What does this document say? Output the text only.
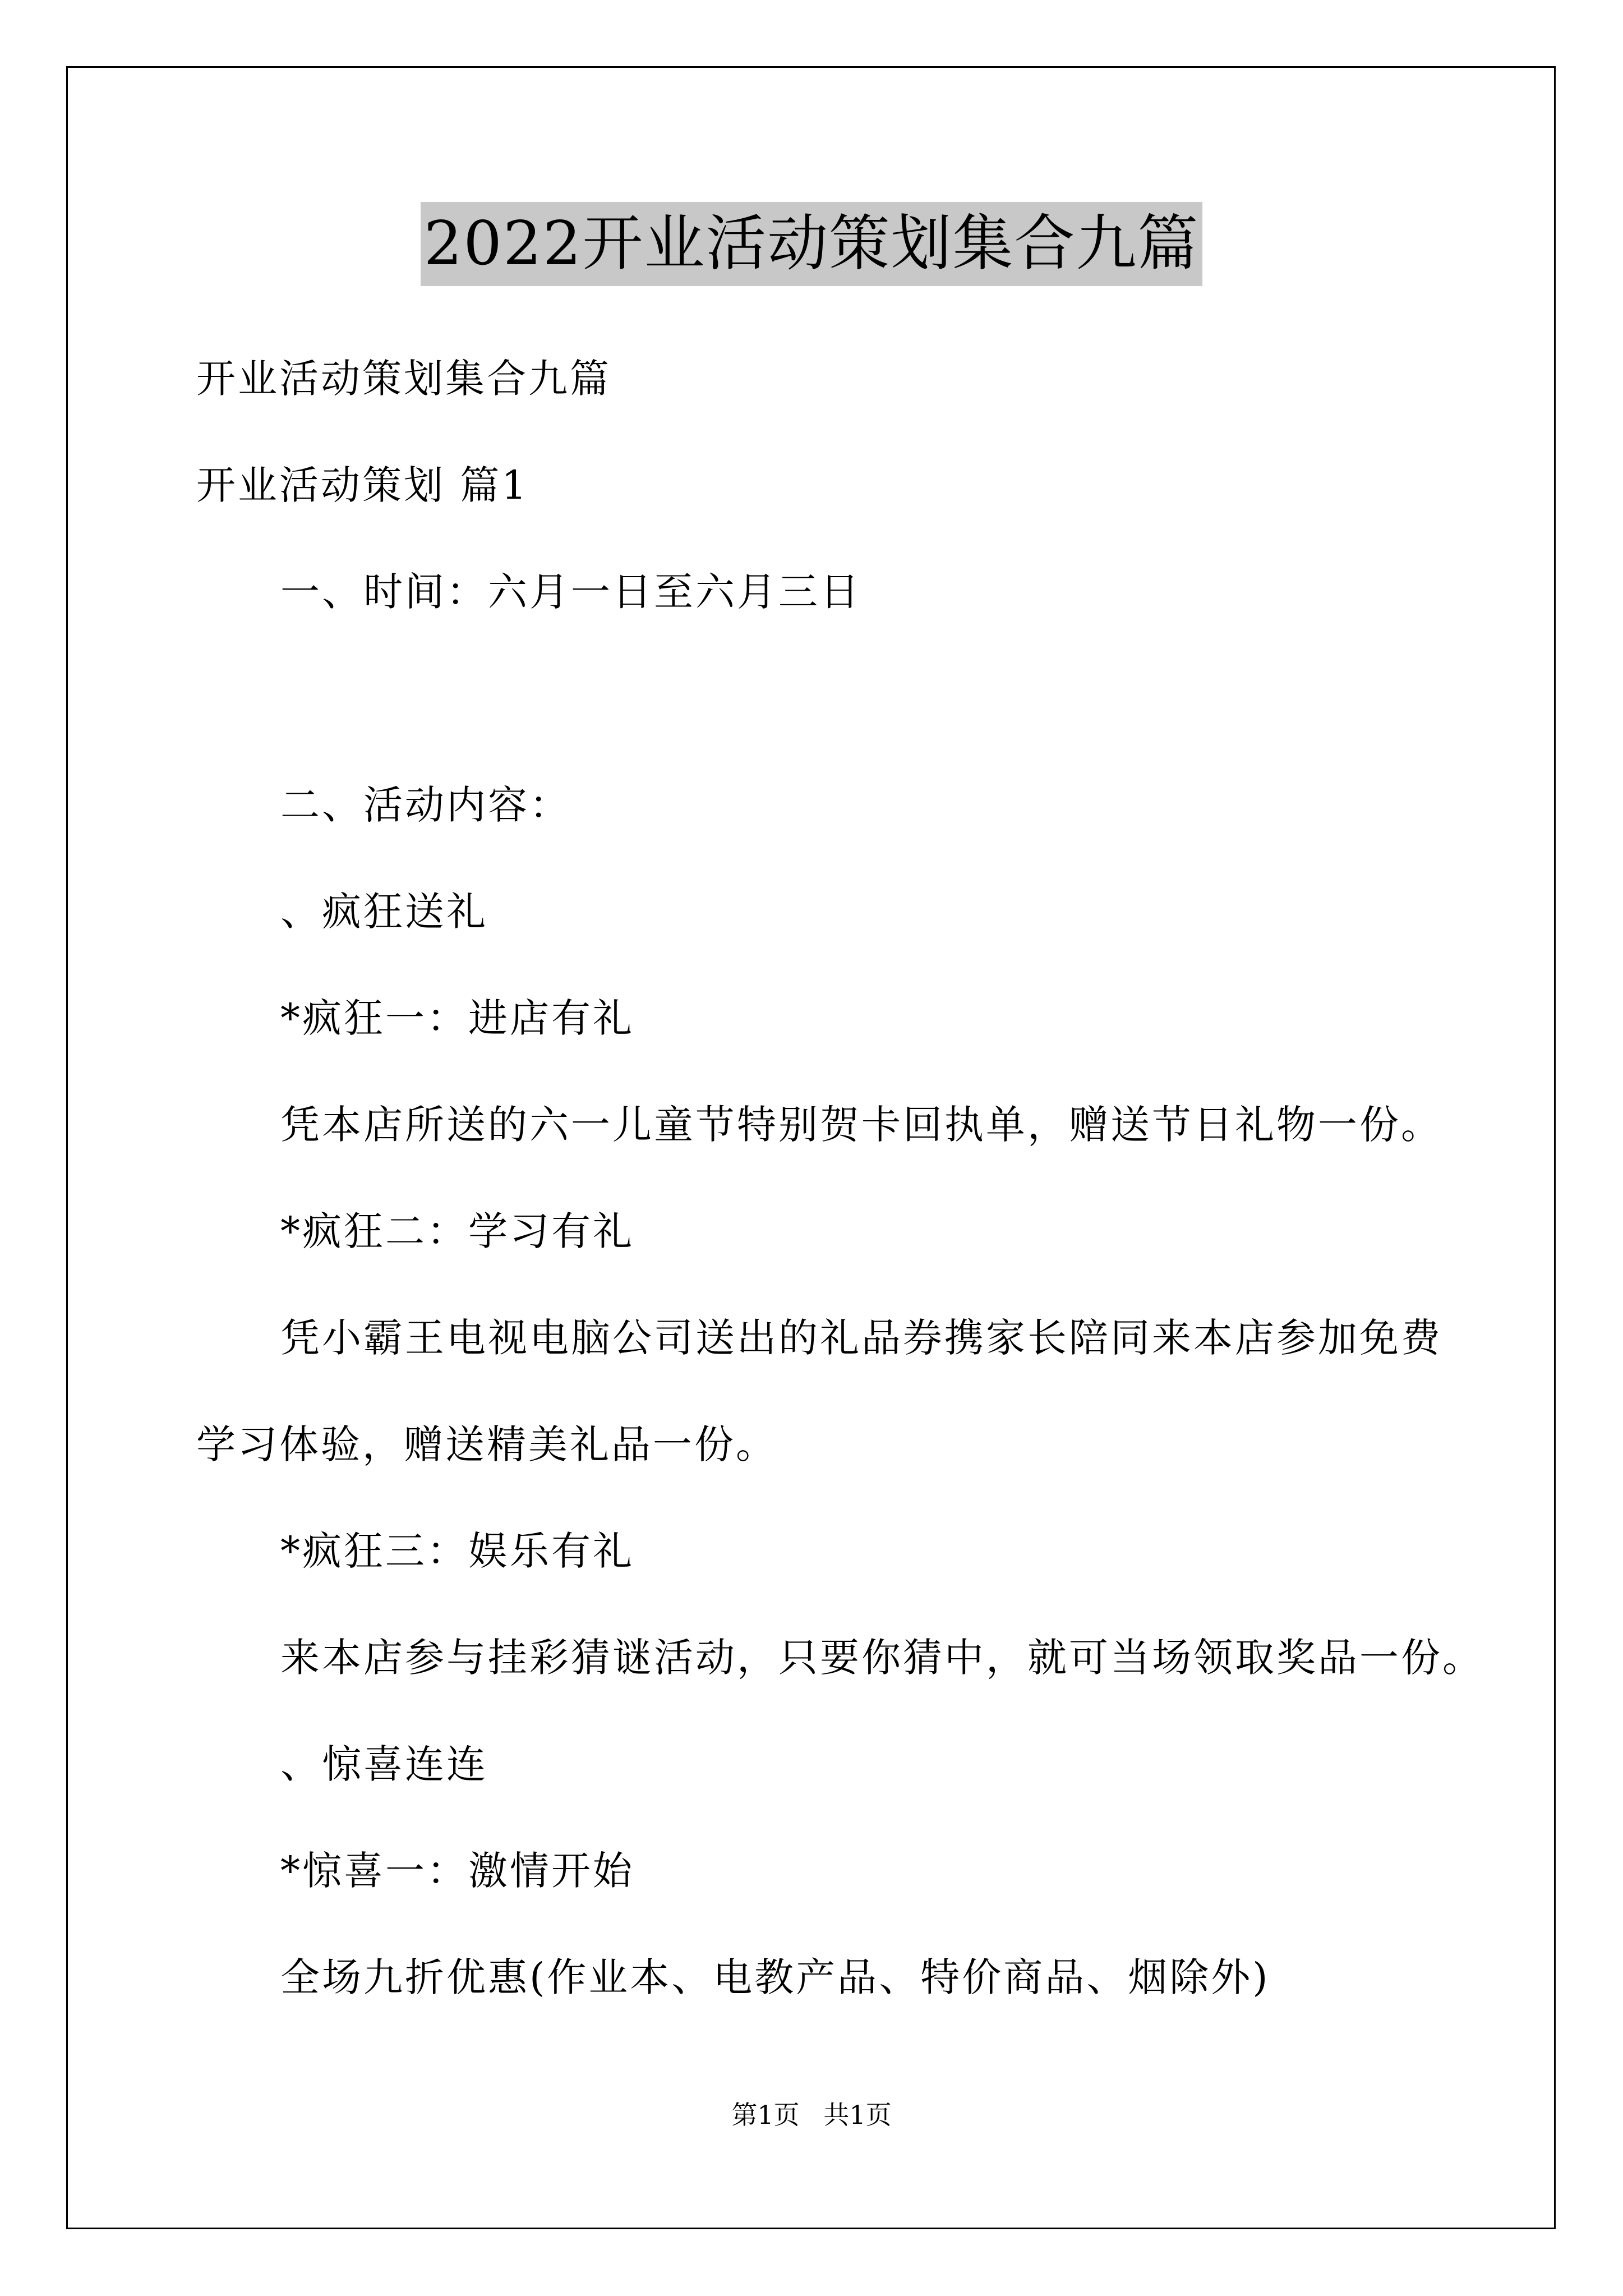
2022开业活动策划集合九篇
开业活动策划集合九篇
开业活动策划 篇1
一、时间：六月一日至六月三日
二、活动内容：
、疯狂送礼
*疯狂一：进店有礼
凭本店所送的六一儿童节特别贺卡回执单，赠送节日礼物一份。
*疯狂二：学习有礼
凭小霸王电视电脑公司送出的礼品券携家长陪同来本店参加免费
学习体验，赠送精美礼品一份。
*疯狂三：娱乐有礼
来本店参与挂彩猜谜活动，只要你猜中，就可当场领取奖品一份。
、惊喜连连
*惊喜一：激情开始
全场九折优惠(作业本、电教产品、特价商品、烟除外)
第1页 共1页
